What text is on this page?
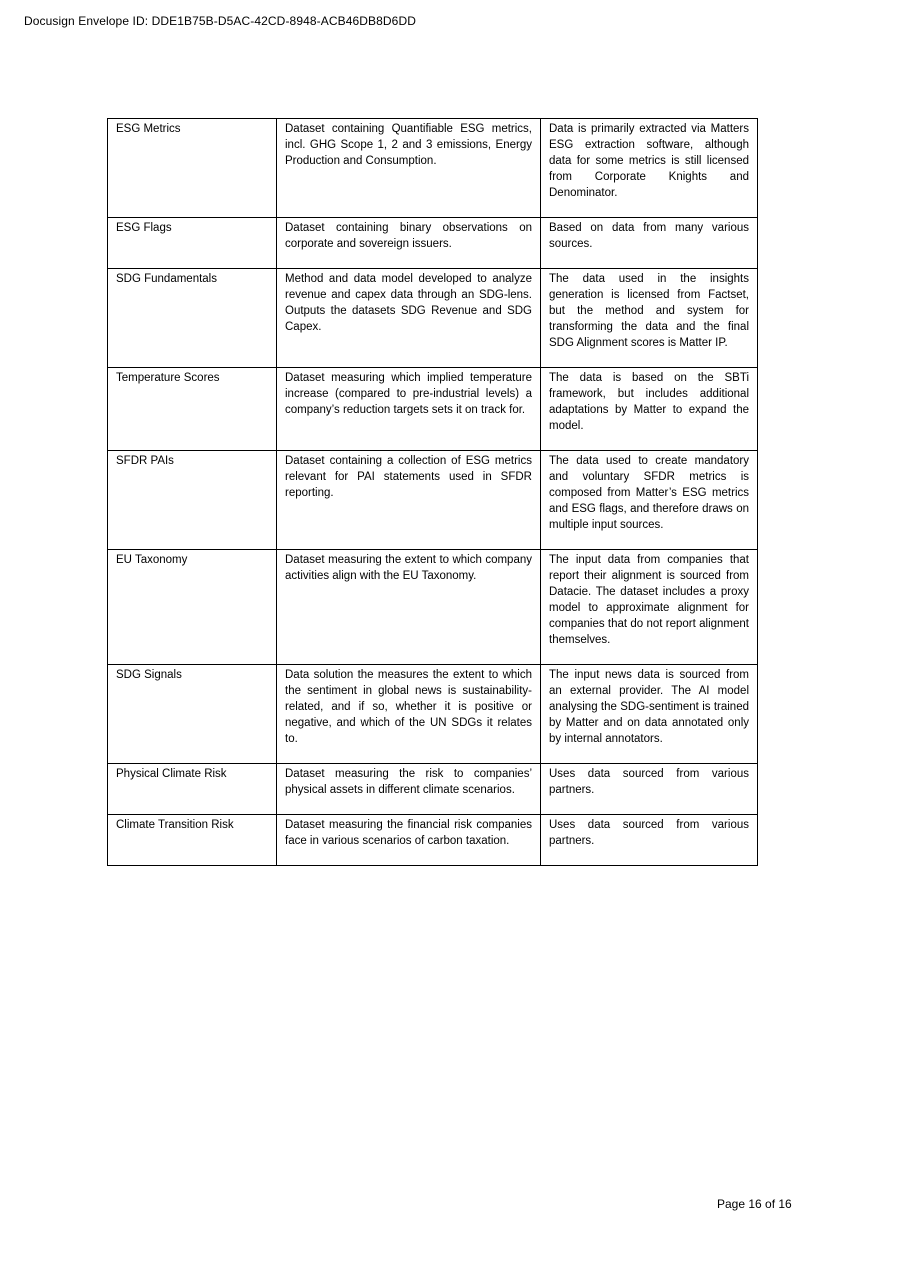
Docusign Envelope ID: DDE1B75B-D5AC-42CD-8948-ACB46DB8D6DD
ESG Metrics	Dataset containing Quantifiable ESG metrics, incl. GHG Scope 1, 2 and 3 emissions, Energy Production and Consumption.	Data is primarily extracted via Matters ESG extraction software, although data for some metrics is still licensed from Corporate Knights and Denominator.
ESG Flags	Dataset containing binary observations on corporate and sovereign issuers.	Based on data from many various sources.
SDG Fundamentals	Method and data model developed to analyze revenue and capex data through an SDG-lens. Outputs the datasets SDG Revenue and SDG Capex.	The data used in the insights generation is licensed from Factset, but the method and system for transforming the data and the final SDG Alignment scores is Matter IP.
Temperature Scores	Dataset measuring which implied temperature increase (compared to pre-industrial levels) a company’s reduction targets sets it on track for.	The data is based on the SBTi framework, but includes additional adaptations by Matter to expand the model.
SFDR PAIs	Dataset containing a collection of ESG metrics relevant for PAI statements used in SFDR reporting.	The data used to create mandatory and voluntary SFDR metrics is composed from Matter’s ESG metrics and ESG flags, and therefore draws on multiple input sources.
EU Taxonomy	Dataset measuring the extent to which company activities align with the EU Taxonomy.	The input data from companies that report their alignment is sourced from Datacie. The dataset includes a proxy model to approximate alignment for companies that do not report alignment themselves.
SDG Signals	Data solution the measures the extent to which the sentiment in global news is sustainability-related, and if so, whether it is positive or negative, and which of the UN SDGs it relates to.	The input news data is sourced from an external provider. The AI model analysing the SDG-sentiment is trained by Matter and on data annotated only by internal annotators.
Physical Climate Risk	Dataset measuring the risk to companies’ physical assets in different climate scenarios.	Uses data sourced from various partners.
Climate Transition Risk	Dataset measuring the financial risk companies face in various scenarios of carbon taxation.	Uses data sourced from various partners.
Page 16 of 16
